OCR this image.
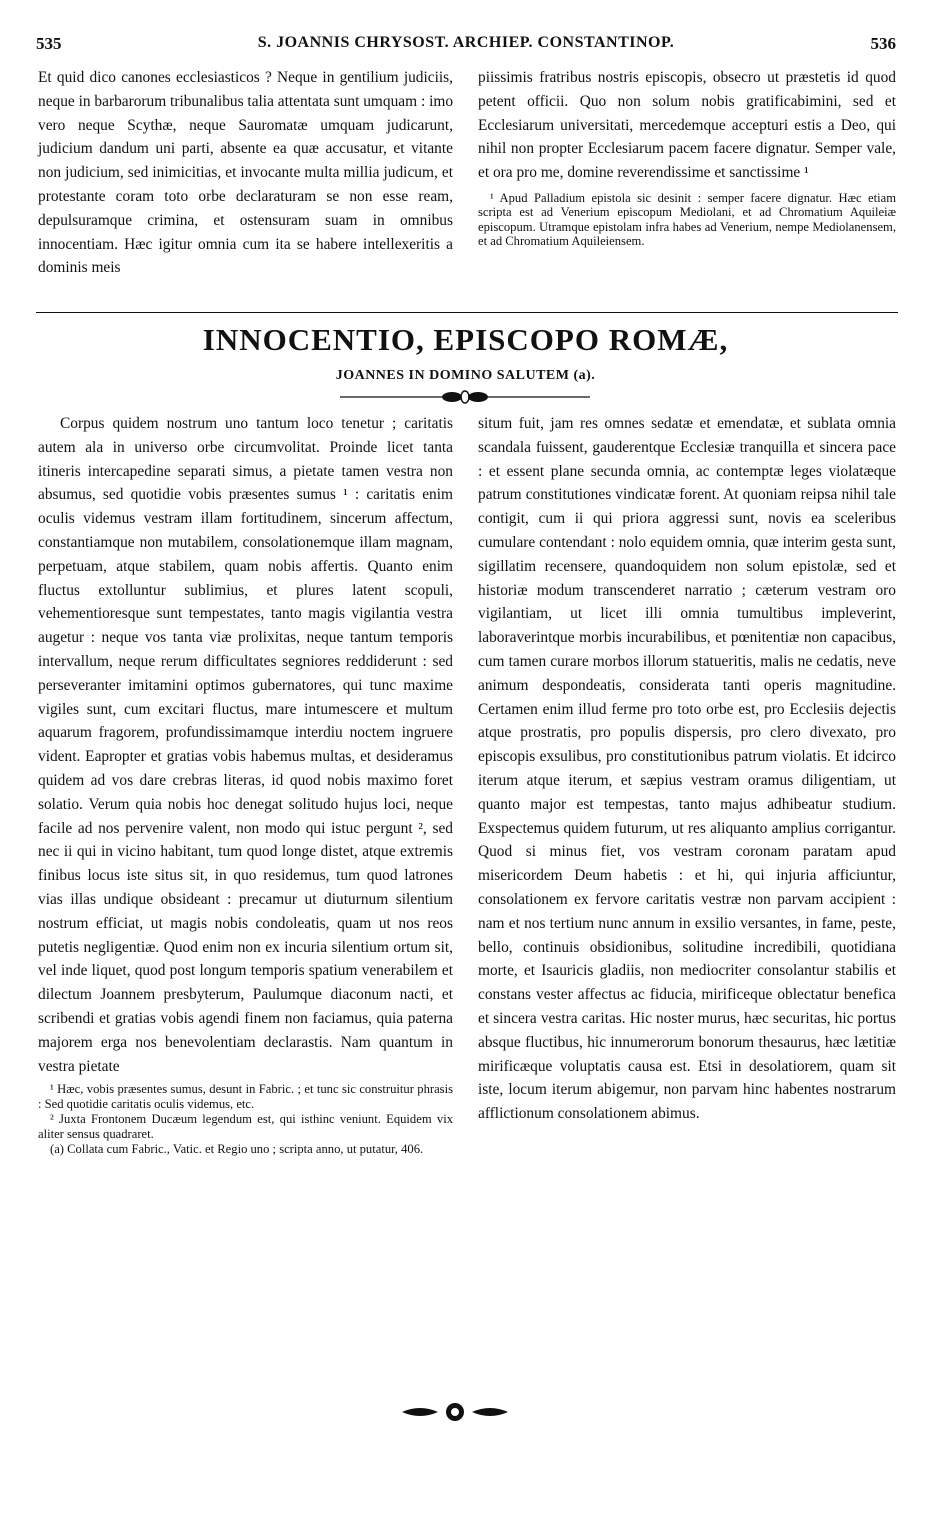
535	S. JOANNIS CHRYSOST. ARCHIEP. CONSTANTINOP.	536

Et quid dico canones ecclesiasticos ? Neque in gentilium judiciis, neque in barbarorum tribunalibus talia attentata sunt umquam : imo vero neque Scythæ, neque Sauromatæ umquam judicarunt, judicium dandum uni parti, absente ea quæ accusatur, et vitante non judicium, sed inimicitias, et invocante multa millia judicum, et protestante coram toto orbe declaraturam se non esse ream, depulsuramque crimina, et ostensuram suam in omnibus innocentiam. Hæc igitur omnia cum ita se habere intellexeritis a dominis meis

piissimis fratribus nostris episcopis, obsecro ut præstetis id quod petent officii. Quo non solum nobis gratificabimini, sed et Ecclesiarum universitati, mercedemque accepturi estis a Deo, qui nihil non propter Ecclesiarum pacem facere dignatur. Semper vale, et ora pro me, domine reverendissime et sanctissime ¹

¹ Apud Palladium epistola sic desinit : semper facere dignatur. Hæc etiam scripta est ad Venerium episcopum Mediolani, et ad Chromatium Aquileiæ episcopum. Utramque epistolam infra habes ad Venerium, nempe Mediolanensem, et ad Chromatium Aquileiensem.

INNOCENTIO, EPISCOPO ROMÆ,
JOANNES IN DOMINO SALUTEM (a).

Corpus quidem nostrum uno tantum loco tenetur ; caritatis autem ala in universo orbe circumvolitat. Proinde licet tanta itineris intercapedine separati simus, a pietate tamen vestra non absumus, sed quotidie vobis præsentes sumus ¹ : caritatis enim oculis videmus vestram illam fortitudinem, sincerum affectum, constantiamque non mutabilem, consolationemque illam magnam, perpetuam, atque stabilem, quam nobis affertis. Quanto enim fluctus extolluntur sublimius, et plures latent scopuli, vehementioresque sunt tempestates, tanto magis vigilantia vestra augetur : neque vos tanta viæ prolixitas, neque tantum temporis intervallum, neque rerum difficultates segniores reddiderunt : sed perseveranter imitamini optimos gubernatores, qui tunc maxime vigiles sunt, cum excitari fluctus, mare intumescere et multum aquarum fragorem, profundissimamque interdiu noctem ingruere vident. Eapropter et gratias vobis habemus multas, et desideramus quidem ad vos dare crebras literas, id quod nobis maximo foret solatio. Verum quia nobis hoc denegat solitudo hujus loci, neque facile ad nos pervenire valent, non modo qui istuc pergunt ², sed nec ii qui in vicino habitant, tum quod longe distet, atque extremis finibus locus iste situs sit, in quo residemus, tum quod latrones vias illas undique obsideant : precamur ut diuturnum silentium nostrum efficiat, ut magis nobis condoleatis, quam ut nos reos putetis negligentiæ. Quod enim non ex incuria silentium ortum sit, vel inde liquet, quod post longum temporis spatium venerabilem et dilectum Joannem presbyterum, Paulumque diaconum nacti, et scribendi et gratias vobis agendi finem non faciamus, quia paterna majorem erga nos benevolentiam declarastis. Nam quantum in vestra pietate

¹ Hæc, vobis præsentes sumus, desunt in Fabric. ; et tunc sic construitur phrasis : Sed quotidie caritatis oculis videmus, etc.

² Juxta Frontonem Ducæum legendum est, qui isthinc veniunt. Equidem vix aliter sensus quadraret.

(a) Collata cum Fabric., Vatic. et Regio uno ; scripta anno, ut putatur, 406.

situm fuit, jam res omnes sedatæ et emendatæ, et sublata omnia scandala fuissent, gauderentque Ecclesiæ tranquilla et sincera pace : et essent plane secunda omnia, ac contemptæ leges violatæque patrum constitutiones vindicatæ forent. At quoniam reipsa nihil tale contigit, cum ii qui priora aggressi sunt, novis ea sceleribus cumulare contendant : nolo equidem omnia, quæ interim gesta sunt, sigillatim recensere, quandoquidem non solum epistolæ, sed et historiæ modum transcenderet narratio ; cæterum vestram oro vigilantiam, ut licet illi omnia tumultibus impleverint, laboraverintque morbis incurabilibus, et pœnitentiæ non capacibus, cum tamen curare morbos illorum statueritis, malis ne cedatis, neve animum despondeatis, considerata tanti operis magnitudine. Certamen enim illud ferme pro toto orbe est, pro Ecclesiis dejectis atque prostratis, pro populis dispersis, pro clero divexato, pro episcopis exsulibus, pro constitutionibus patrum violatis. Et idcirco iterum atque iterum, et sæpius vestram oramus diligentiam, ut quanto major est tempestas, tanto majus adhibeatur studium. Exspectemus quidem futurum, ut res aliquanto amplius corrigantur. Quod si minus fiet, vos vestram coronam paratam apud misericordem Deum habetis : et hi, qui injuria afficiuntur, consolationem ex fervore caritatis vestræ non parvam accipient : nam et nos tertium nunc annum in exsilio versantes, in fame, peste, bello, continuis obsidionibus, solitudine incredibili, quotidiana morte, et Isauricis gladiis, non mediocriter consolantur stabilis et constans vester affectus ac fiducia, mirificeque oblectatur benefica et sincera vestra caritas. Hic noster murus, hæc securitas, hic portus absque fluctibus, hic innumerorum bonorum thesaurus, hæc lætitiæ mirificæque voluptatis causa est. Etsi in desolatiorem, quam sit iste, locum iterum abigemur, non parvam hinc habentes nostrarum afflictionum consolationem abimus.
